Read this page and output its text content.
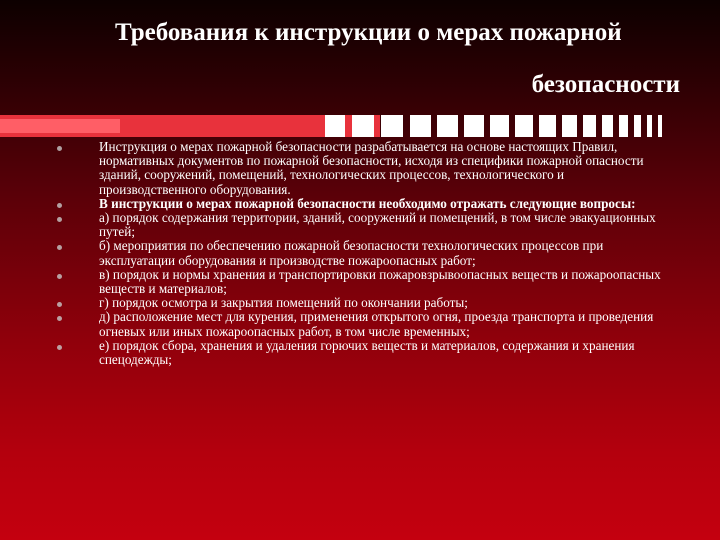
Требования к инструкции о мерах пожарной
безопасности
Инструкция о мерах пожарной безопасности разрабатывается на основе настоящих Правил, нормативных документов по пожарной безопасности, исходя из специфики пожарной опасности зданий, сооружений, помещений, технологических процессов, технологического и производственного оборудования.
В инструкции о мерах пожарной безопасности необходимо отражать следующие вопросы:
а) порядок содержания территории, зданий, сооружений и помещений, в том числе эвакуационных путей;
б) мероприятия по обеспечению пожарной безопасности технологических процессов при эксплуатации оборудования и производстве пожароопасных работ;
в) порядок и нормы хранения и транспортировки пожаровзрывоопасных веществ и пожароопасных веществ и материалов;
г) порядок осмотра и закрытия помещений по окончании работы;
д) расположение мест для курения, применения открытого огня, проезда транспорта и проведения огневых или иных пожароопасных работ, в том числе временных;
е) порядок сбора, хранения и удаления горючих веществ и материалов, содержания и хранения спецодежды;
